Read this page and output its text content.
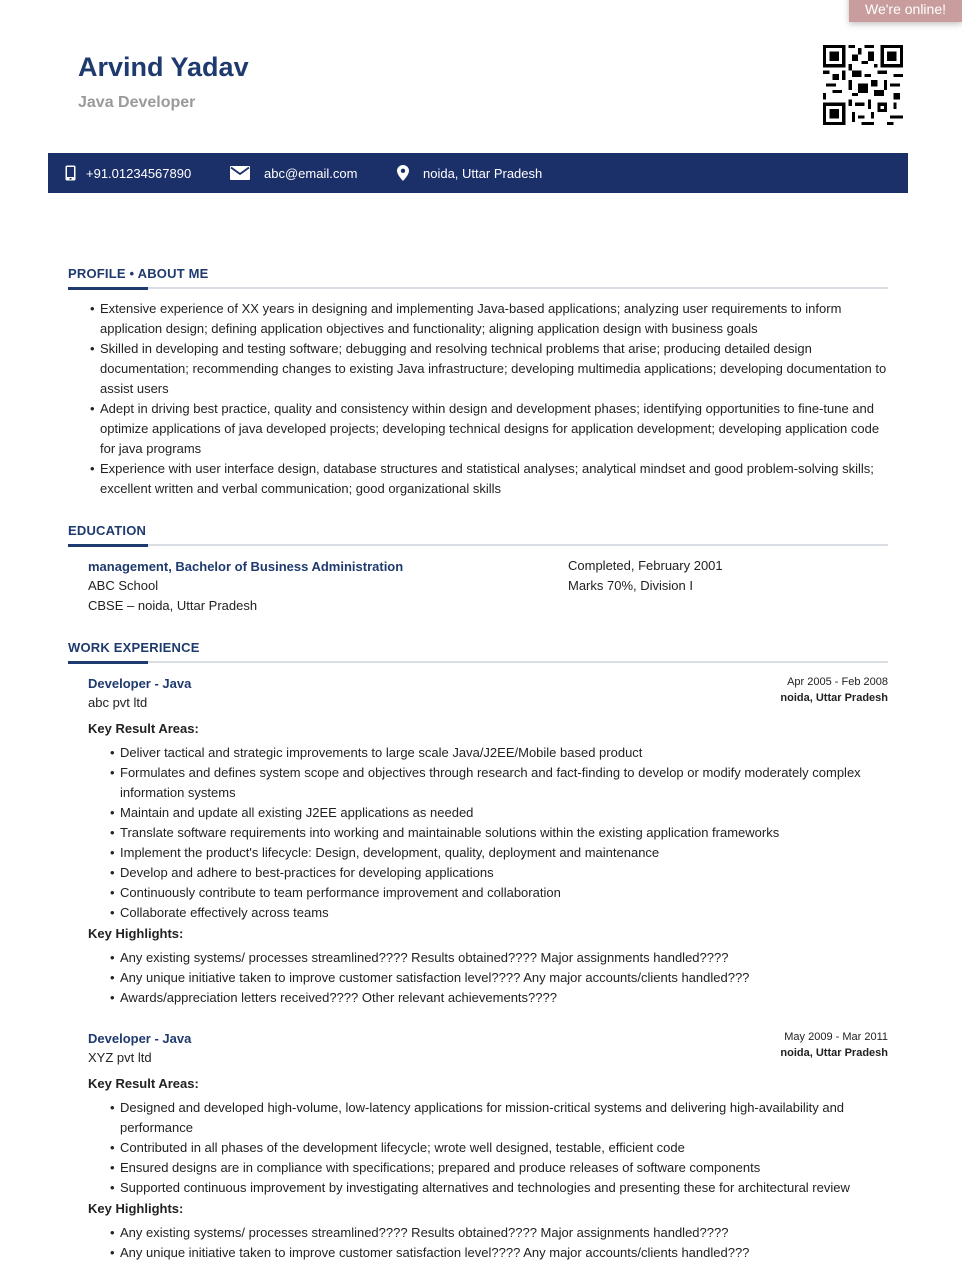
We're online!
Arvind Yadav
Java Developer
+91.01234567890	abc@email.com	noida, Uttar Pradesh
PROFILE • ABOUT ME
• Extensive experience of XX years in designing and implementing Java-based applications; analyzing user requirements to inform application design; defining application objectives and functionality; aligning application design with business goals
• Skilled in developing and testing software; debugging and resolving technical problems that arise; producing detailed design documentation; recommending changes to existing Java infrastructure; developing multimedia applications; developing documentation to assist users
• Adept in driving best practice, quality and consistency within design and development phases; identifying opportunities to fine-tune and optimize applications of java developed projects; developing technical designs for application development; developing application code for java programs
• Experience with user interface design, database structures and statistical analyses; analytical mindset and good problem-solving skills; excellent written and verbal communication; good organizational skills
EDUCATION
management, Bachelor of Business Administration
ABC School
CBSE – noida, Uttar Pradesh
Completed, February 2001
Marks 70%, Division I
WORK EXPERIENCE
Developer - Java
abc pvt ltd
Apr 2005 - Feb 2008
noida, Uttar Pradesh
Key Result Areas:
• Deliver tactical and strategic improvements to large scale Java/J2EE/Mobile based product
• Formulates and defines system scope and objectives through research and fact-finding to develop or modify moderately complex information systems
• Maintain and update all existing J2EE applications as needed
• Translate software requirements into working and maintainable solutions within the existing application frameworks
• Implement the product's lifecycle: Design, development, quality, deployment and maintenance
• Develop and adhere to best-practices for developing applications
• Continuously contribute to team performance improvement and collaboration
• Collaborate effectively across teams
Key Highlights:
• Any existing systems/ processes streamlined???? Results obtained???? Major assignments handled????
• Any unique initiative taken to improve customer satisfaction level???? Any major accounts/clients handled???
• Awards/appreciation letters received???? Other relevant achievements????
Developer - Java
XYZ pvt ltd
May 2009 - Mar 2011
noida, Uttar Pradesh
Key Result Areas:
• Designed and developed high-volume, low-latency applications for mission-critical systems and delivering high-availability and performance
• Contributed in all phases of the development lifecycle; wrote well designed, testable, efficient code
• Ensured designs are in compliance with specifications; prepared and produce releases of software components
• Supported continuous improvement by investigating alternatives and technologies and presenting these for architectural review
Key Highlights:
• Any existing systems/ processes streamlined???? Results obtained???? Major assignments handled????
• Any unique initiative taken to improve customer satisfaction level???? Any major accounts/clients handled???
